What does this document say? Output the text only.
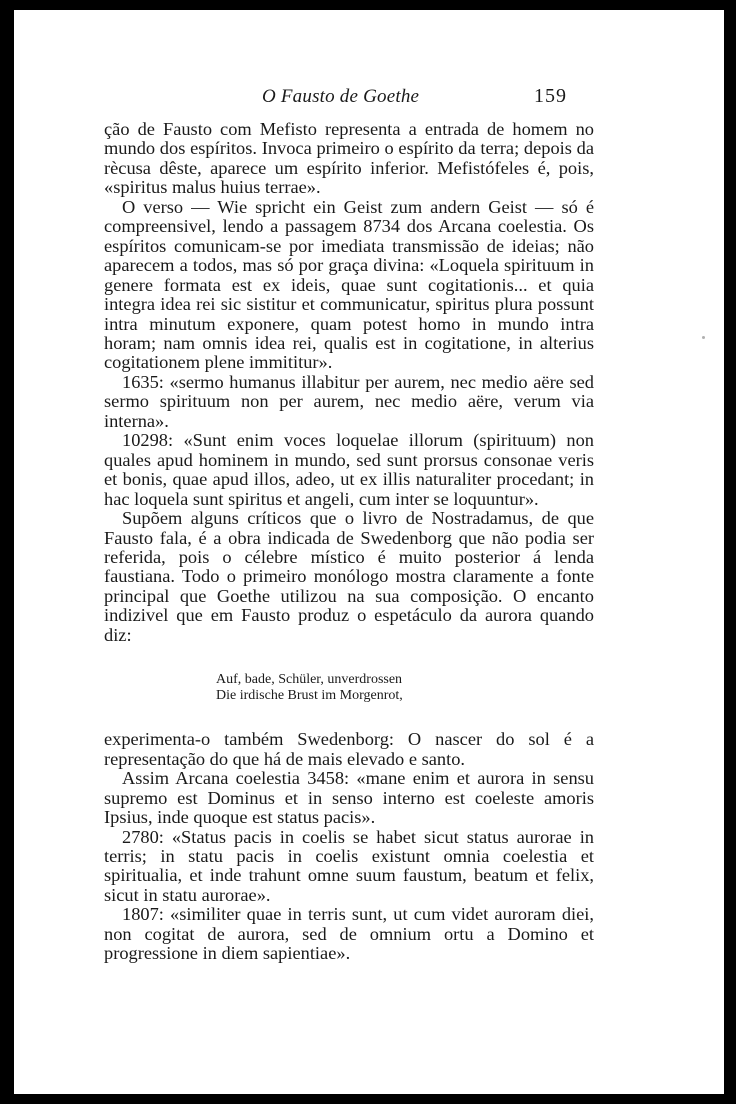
O Fausto de Goethe	159

ção de Fausto com Mefisto representa a entrada de homem no mundo dos espíritos. Invoca primeiro o espírito da terra; depois da rècusa dêste, aparece um espírito inferior. Mefistófeles é, pois, «spiritus malus huius terrae».

O verso — Wie spricht ein Geist zum andern Geist — só é compreensivel, lendo a passagem 8734 dos Arcana coelestia. Os espíritos comunicam-se por imediata transmissão de ideias; não aparecem a todos, mas só por graça divina: «Loquela spirituum in genere formata est ex ideis, quae sunt cogitationis... et quia integra idea rei sic sistitur et communicatur, spiritus plura possunt intra minutum exponere, quam potest homo in mundo intra horam; nam omnis idea rei, qualis est in cogitatione, in alterius cogitationem plene immititur».

1635: «sermo humanus illabitur per aurem, nec medio aëre sed sermo spirituum non per aurem, nec medio aëre, verum via interna».

10298: «Sunt enim voces loquelae illorum (spirituum) non quales apud hominem in mundo, sed sunt prorsus consonae veris et bonis, quae apud illos, adeo, ut ex illis naturaliter procedant; in hac loquela sunt spiritus et angeli, cum inter se loquuntur».

Supõem alguns críticos que o livro de Nostradamus, de que Fausto fala, é a obra indicada de Swedenborg que não podia ser referida, pois o célebre místico é muito posterior á lenda faustiana. Todo o primeiro monólogo mostra claramente a fonte principal que Goethe utilizou na sua composição. O encanto indizivel que em Fausto produz o espetáculo da aurora quando diz:

Auf, bade, Schüler, unverdrossen
Die irdische Brust im Morgenrot,

experimenta-o também Swedenborg: O nascer do sol é a representação do que há de mais elevado e santo.

Assim Arcana coelestia 3458: «mane enim et aurora in sensu supremo est Dominus et in senso interno est coeleste amoris Ipsius, inde quoque est status pacis».

2780: «Status pacis in coelis se habet sicut status aurorae in terris; in statu pacis in coelis existunt omnia coelestia et spiritualia, et inde trahunt omne suum faustum, beatum et felix, sicut in statu aurorae».

1807: «similiter quae in terris sunt, ut cum videt auroram diei, non cogitat de aurora, sed de omnium ortu a Domino et progressione in diem sapientiae».
